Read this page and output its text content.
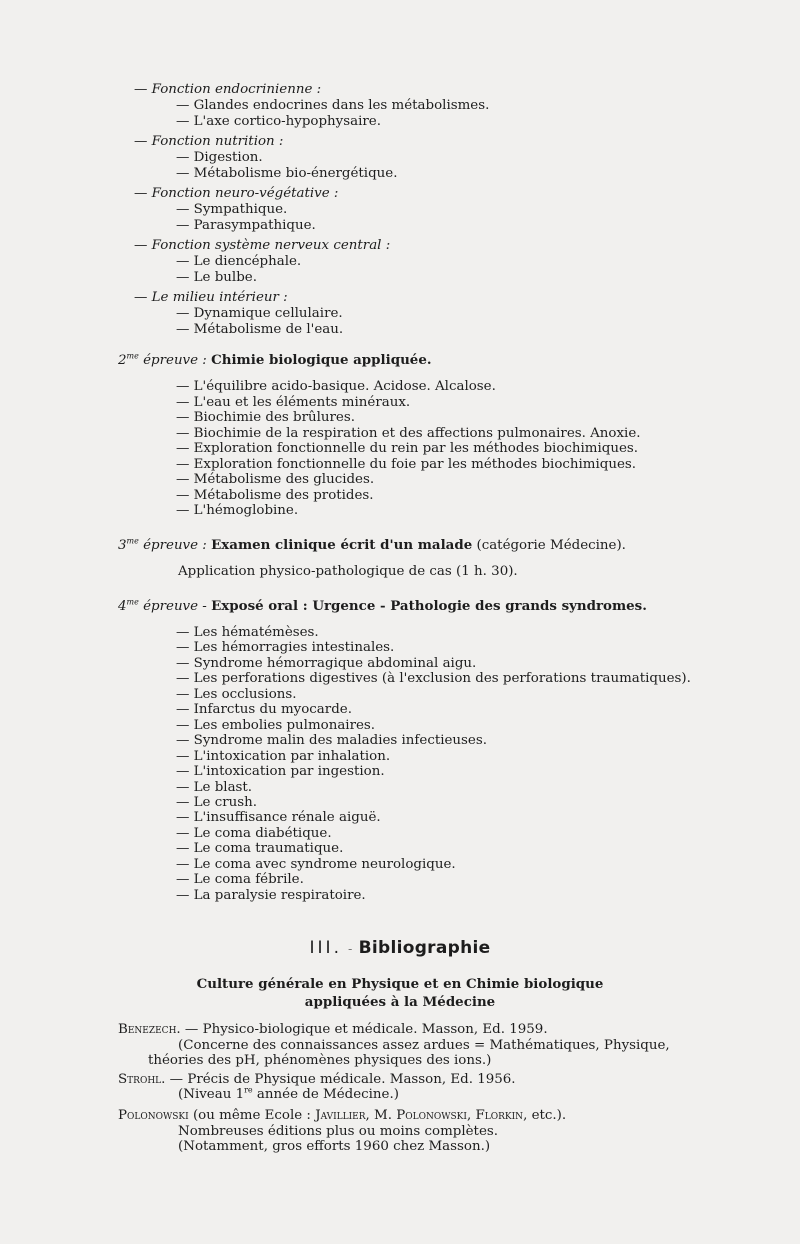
— Fonction endocrinienne :
— Glandes endocrines dans les métabolismes.
— L'axe cortico-hypophysaire.
— Fonction nutrition :
— Digestion.
— Métabolisme bio-énergétique.
— Fonction neuro-végétative :
— Sympathique.
— Parasympathique.
— Fonction système nerveux central :
— Le diencéphale.
— Le bulbe.
— Le milieu intérieur :
— Dynamique cellulaire.
— Métabolisme de l'eau.
$2^{me}$ épreuve : Chimie biologique appliquée.
— L'équilibre acido-basique. Acidose. Alcalose.
— L'eau et les éléments minéraux.
— Biochimie des brûlures.
— Biochimie de la respiration et des affections pulmonaires. Anoxie.
— Exploration fonctionnelle du rein par les méthodes biochimiques.
— Exploration fonctionnelle du foie par les méthodes biochimiques.
— Métabolisme des glucides.
— Métabolisme des protides.
— L'hémoglobine.
$3^{me}$ épreuve : Examen clinique écrit d'un malade (catégorie Médecine).
Application physico-pathologique de cas (1 h. 30).
$4^{me}$ épreuve - Exposé oral : Urgence - Pathologie des grands syndromes.
— Les hématémèses.
— Les hémorragies intestinales.
— Syndrome hémorragique abdominal aigu.
— Les perforations digestives (à l'exclusion des perforations traumatiques).
— Les occlusions.
— Infarctus du myocarde.
— Les embolies pulmonaires.
— Syndrome malin des maladies infectieuses.
— L'intoxication par inhalation.
— L'intoxication par ingestion.
— Le blast.
— Le crush.
— L'insuffisance rénale aiguë.
— Le coma diabétique.
— Le coma traumatique.
— Le coma avec syndrome neurologique.
— Le coma fébrile.
— La paralysie respiratoire.
III. - Bibliographie
Culture générale en Physique et en Chimie biologique
appliquées à la Médecine
Benezech. — Physico-biologique et médicale. Masson, Ed. 1959.
(Concerne des connaissances assez ardues = Mathématiques, Physique,
théories des pH, phénomènes physiques des ions.)
Strohl. — Précis de Physique médicale. Masson, Ed. 1956.
(Niveau 1re année de Médecine.)
Polonowski (ou même Ecole : Javillier, M. Polonowski, Florkin, etc.).
Nombreuses éditions plus ou moins complètes.
(Notamment, gros efforts 1960 chez Masson.)
